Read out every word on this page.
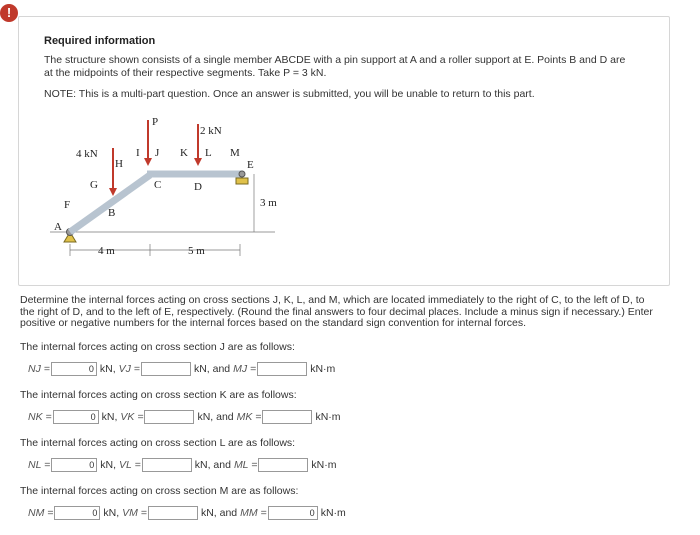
!
Required information
The structure shown consists of a single member ABCDE with a pin support at A and a roller support at E. Points B and D are at the midpoints of their respective segments. Take P = 3 kN.
NOTE: This is a multi-part question. Once an answer is submitted, you will be unable to return to this part.
4 kN
P
2 kN
A
B
C	D
E
F
G
H
I J K L M
4 m	5 m
3 m
Determine the internal forces acting on cross sections J, K, L, and M, which are located immediately to the right of C, to the left of D, to the right of D, and to the left of E, respectively. (Round the final answers to four decimal places. Include a minus sign if necessary.) Enter positive or negative numbers for the internal forces based on the standard sign convention for internal forces.
The internal forces acting on cross section J are as follows:
NJ =
0	kN, VJ =	kN, and MJ =	kN·m
The internal forces acting on cross section K are as follows:
NK =
0	kN, VK =	kN, and MK =	kN·m
The internal forces acting on cross section L are as follows:
NL =
0	kN, VL =	kN, and ML =	kN·m
The internal forces acting on cross section M are as follows:
NM =
0	kN, VM =	kN, and MM =
0	kN·m
